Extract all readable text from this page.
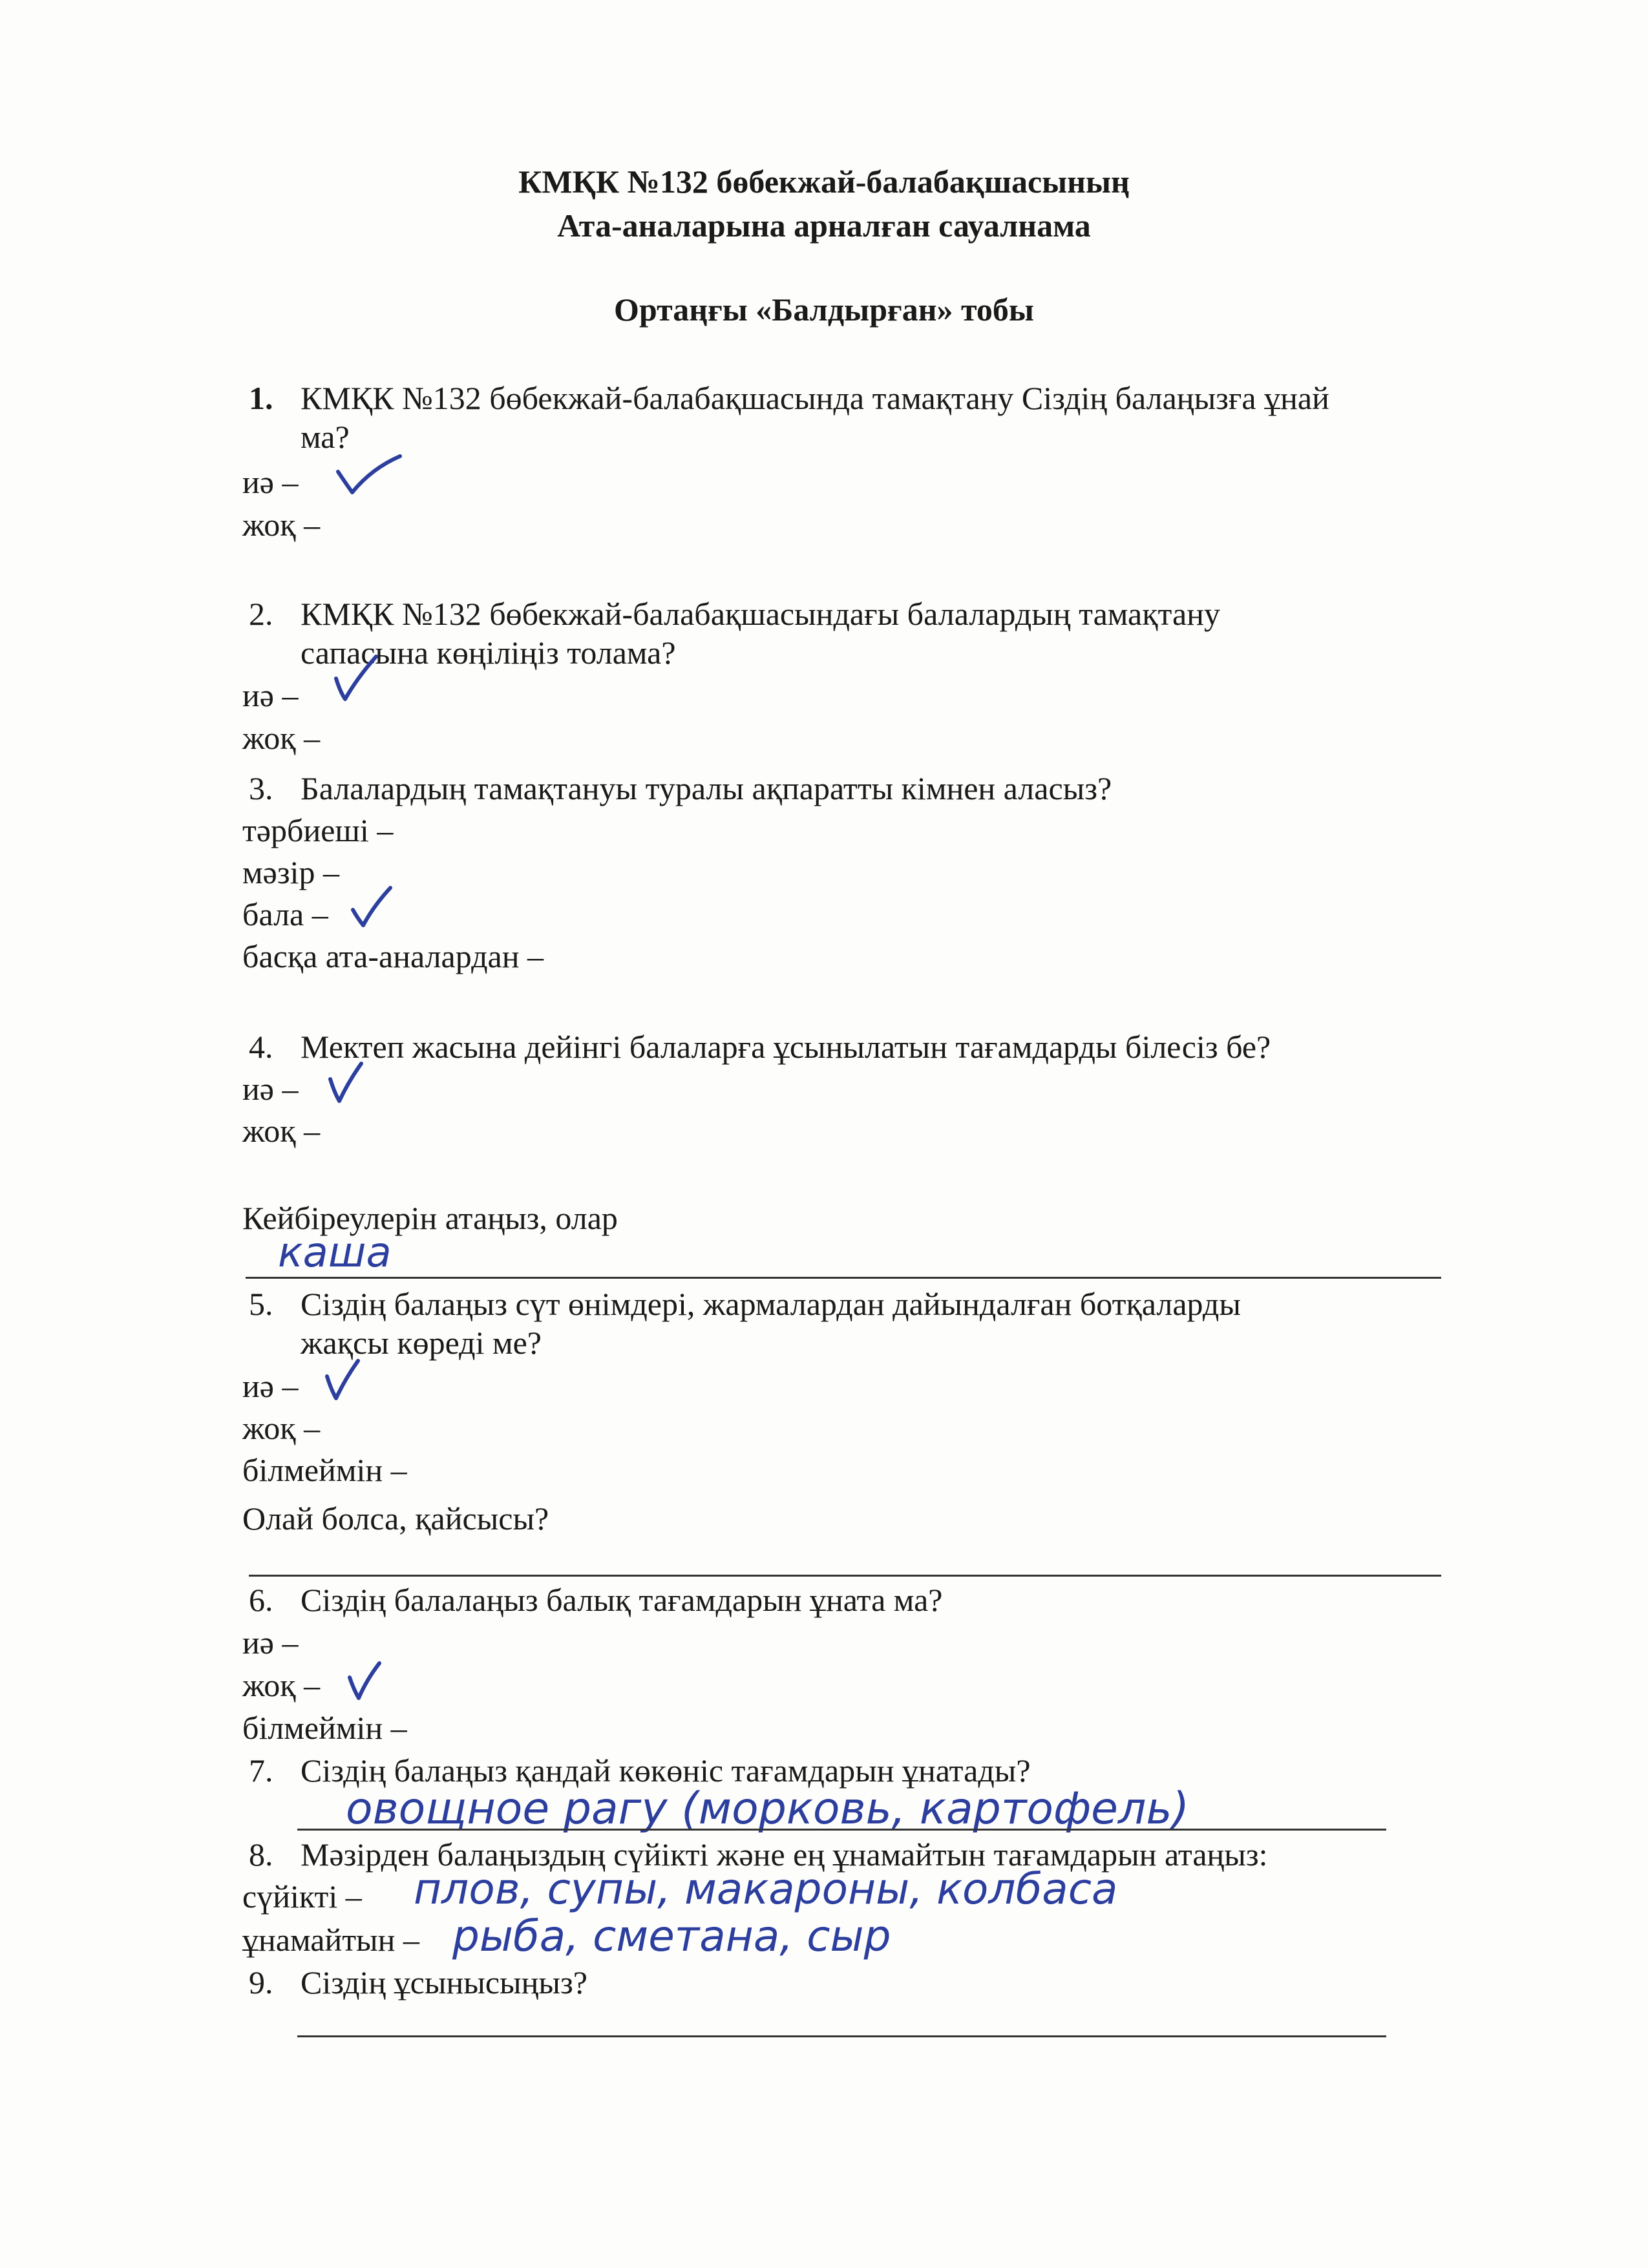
КМҚК №132 бөбекжай-балабақшасының
Ата-аналарына арналған сауалнама
Ортаңғы «Балдырған» тобы
1. КМҚК №132 бөбекжай-балабақшасында тамақтану Сіздің балаңызға ұнай
ма?
иә –
жоқ –
2. КМҚК №132 бөбекжай-балабақшасындағы балалардың тамақтану
сапасына көңіліңіз толама?
иә –
жоқ –
3. Балалардың тамақтануы туралы ақпаратты кімнен аласыз?
тәрбиеші –
мәзір –
бала –
басқа ата-аналардан –
4. Мектеп жасына дейінгі балаларға ұсынылатын тағамдарды білесіз бе?
иә –
жоқ –
Кейбіреулерін атаңыз, олар
каша
5. Сіздің балаңыз сүт өнімдері, жармалардан дайындалған ботқаларды
жақсы көреді ме?
иә –
жоқ –
білмеймін –
Олай болса, қайсысы?
6. Сіздің балалаңыз балық тағамдарын ұната ма?
иә –
жоқ –
білмеймін –
7. Сіздің балаңыз қандай көкөніс тағамдарын ұнатады?
овощное рагу (морковь, картофель)
8. Мәзірден балаңыздың сүйікті және ең ұнамайтын тағамдарын атаңыз:
сүйікті – плов, супы, макароны, колбаса
ұнамайтын – рыба, сметана, сыр
9. Сіздің ұсынысыңыз?
